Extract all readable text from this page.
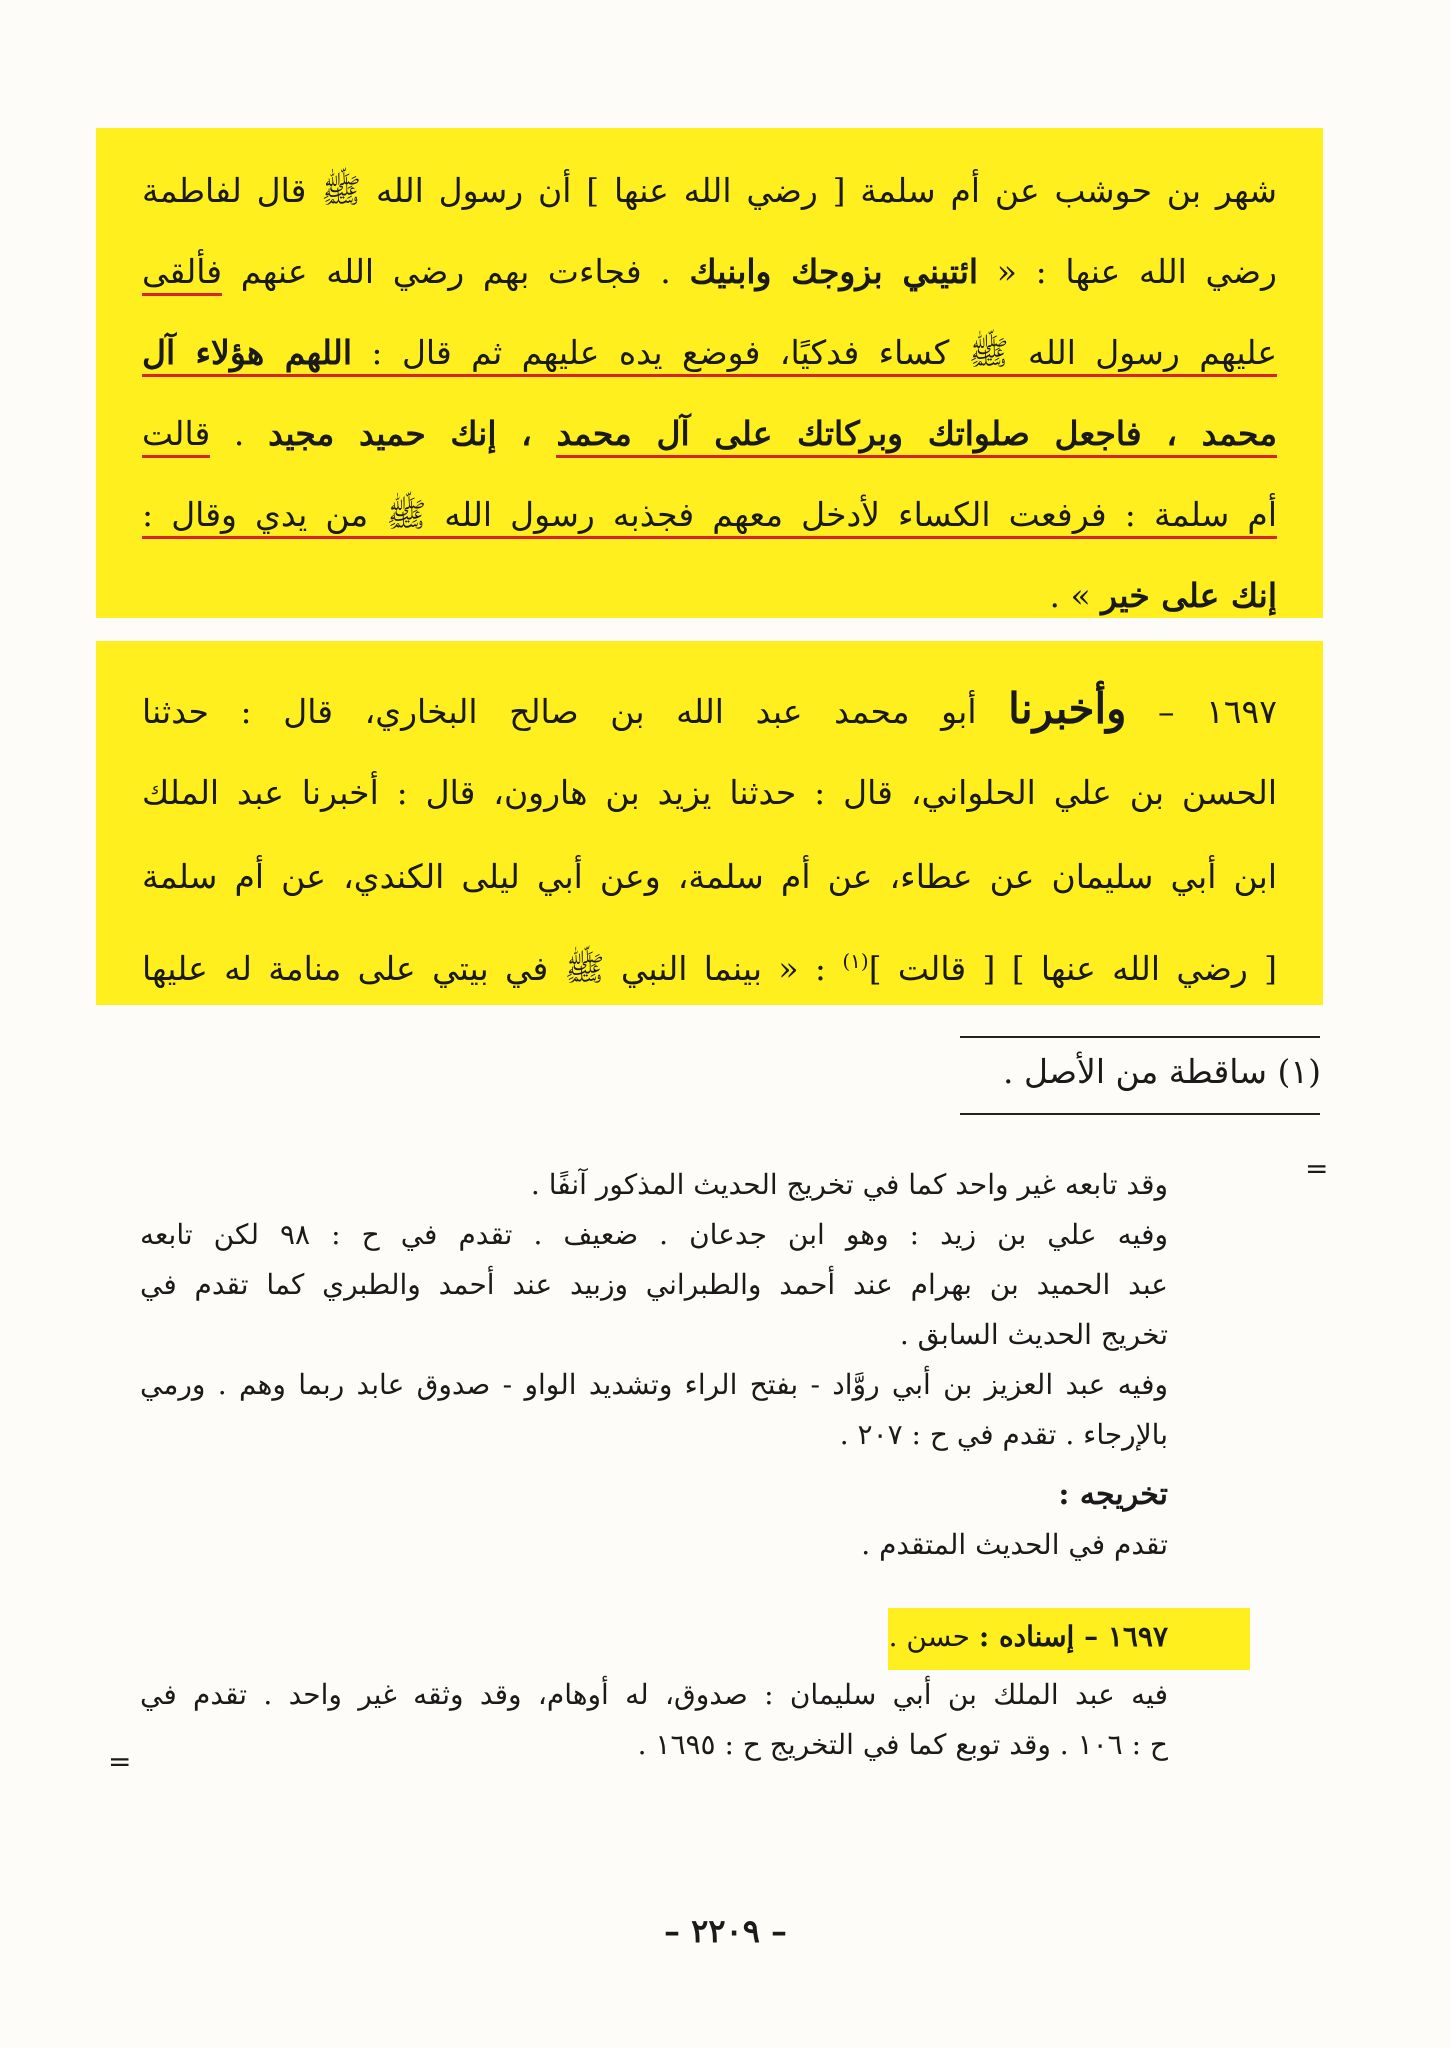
شهر بن حوشب عن أم سلمة [ رضي الله عنها ] أن رسول الله ﷺ قال لفاطمة
رضي الله عنها : « ائتيني بزوجك وابنيك . فجاءت بهم رضي الله عنهم فألقى
عليهم رسول الله ﷺ كساء فدكيًا، فوضع يده عليهم ثم قال : اللهم هؤلاء آل
محمد ، فاجعل صلواتك وبركاتك على آل محمد ، إنك حميد مجيد . قالت
أم سلمة : فرفعت الكساء لأدخل معهم فجذبه رسول الله ﷺ من يدي وقال :
إنك على خير » .
١٦٩٧ – وأخبرنا أبو محمد عبد الله بن صالح البخاري، قال : حدثنا
الحسن بن علي الحلواني، قال : حدثنا يزيد بن هارون، قال : أخبرنا عبد الملك
ابن أبي سليمان عن عطاء، عن أم سلمة، وعن أبي ليلى الكندي، عن أم سلمة
[ رضي الله عنها ] [ قالت ]$^{(١)}$ : « بينما النبي ﷺ في بيتي على منامة له عليها
(١) ساقطة من الأصل .
=
وقد تابعه غير واحد كما في تخريج الحديث المذكور آنفًا .
وفيه علي بن زيد : وهو ابن جدعان . ضعيف . تقدم في ح : ٩٨ لكن تابعه
عبد الحميد بن بهرام عند أحمد والطبراني وزبيد عند أحمد والطبري كما تقدم في
تخريج الحديث السابق .
وفيه عبد العزيز بن أبي روَّاد - بفتح الراء وتشديد الواو - صدوق عابد ربما وهم . ورمي
بالإرجاء . تقدم في ح : ٢٠٧ .
تخريجه :
تقدم في الحديث المتقدم .
١٦٩٧ – إسناده : حسن .
فيه عبد الملك بن أبي سليمان : صدوق، له أوهام، وقد وثقه غير واحد . تقدم في
ح : ١٠٦ . وقد توبع كما في التخريج ح : ١٦٩٥ .
=
– ٢٢٠٩ –
